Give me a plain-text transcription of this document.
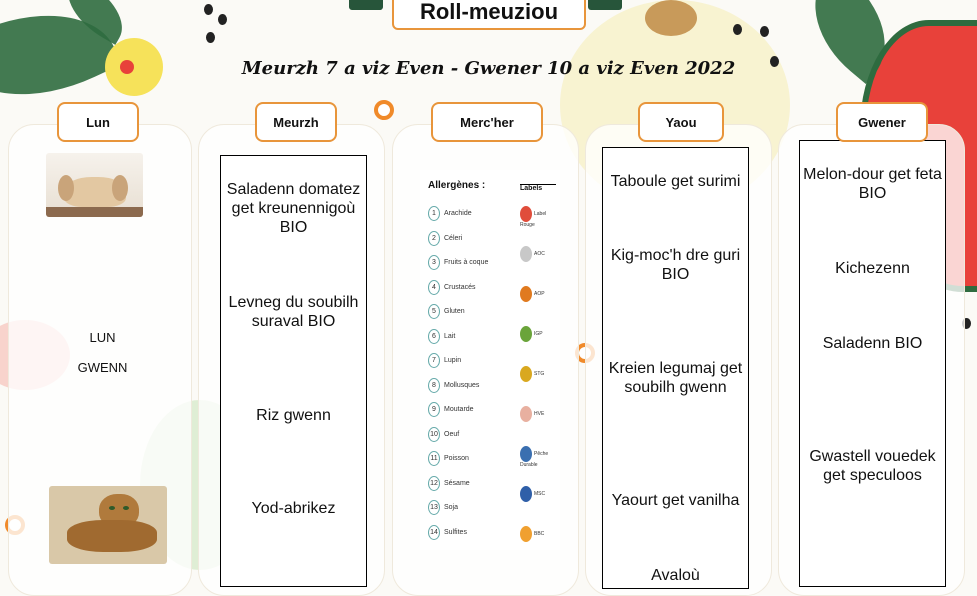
Roll-meuziou
Meurzh 7 a viz Even - Gwener 10 a viz Even 2022
Lun	Meurzh	Merc'her	Yaou	Gwener
LUN
GWENN
Saladenn domatez get kreunennigoù BIO
Levneg du soubilh suraval BIO
Riz gwenn
Yod-abrikez
Allergènes :	Labels
1 Arachide
2 Céleri
3 Fruits à coque
4 Crustacés
5 Gluten
6 Lait
7 Lupin
8 Mollusques
9 Moutarde
10 Oeuf
11 Poisson
12 Sésame
13 Soja
14 Sulfites
Label Rouge
AOC
AOP
IGP
STG
HVE
Pêche Durable
MSC
BBC
Taboule get surimi
Kig-moc'h dre guri BIO
Kreien legumaj get soubilh gwenn
Yaourt get vanilha
Avaloù
Melon-dour get feta BIO
Kichezenn
Saladenn BIO
Gwastell vouedek get speculoos
